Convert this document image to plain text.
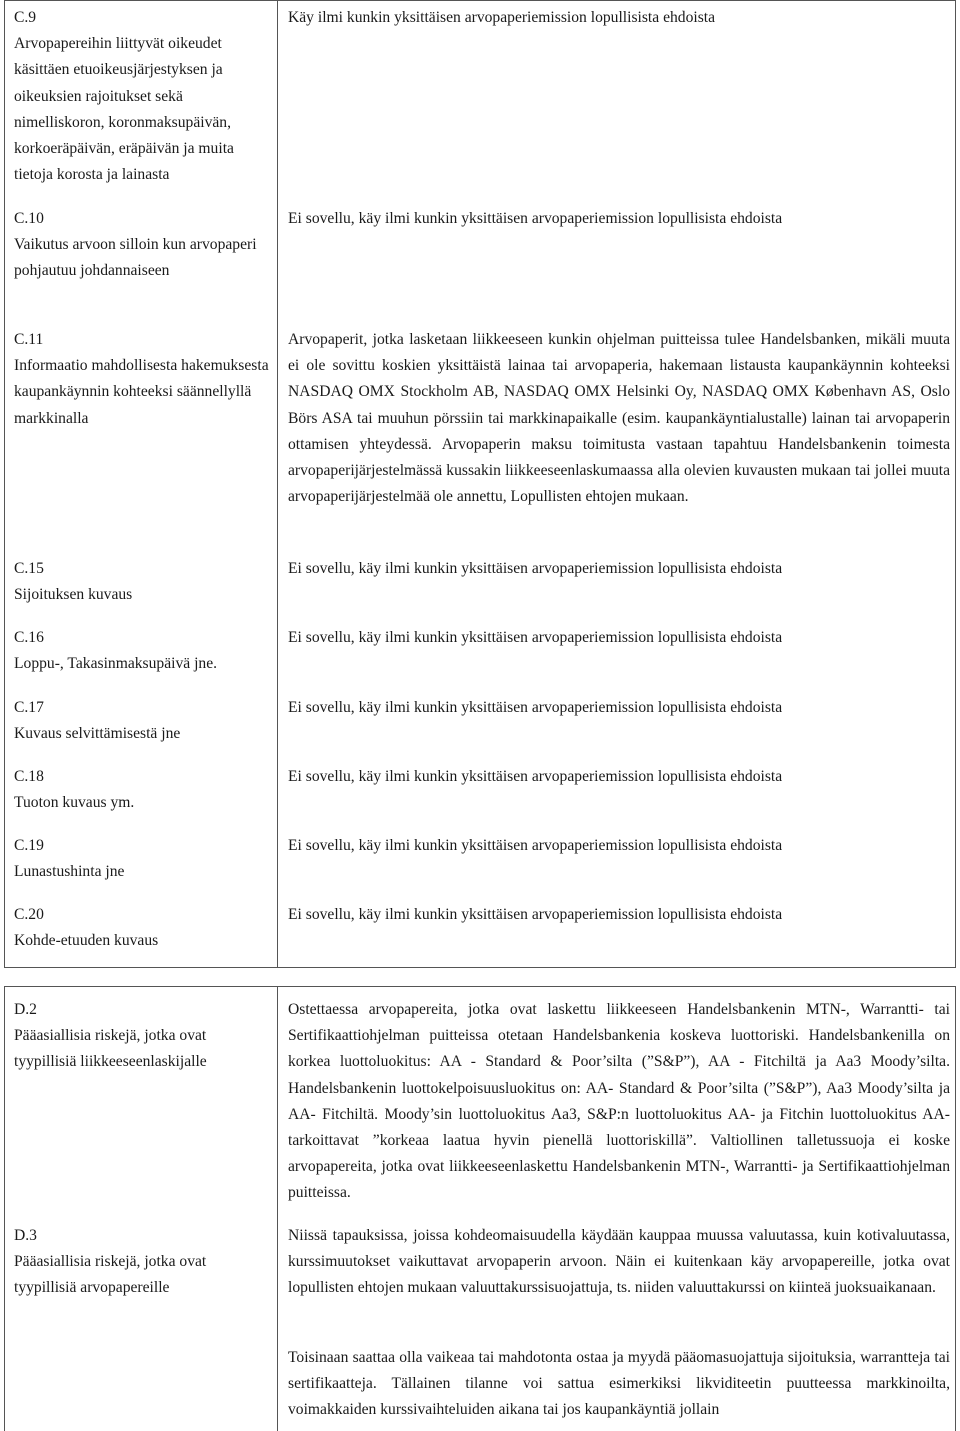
C.9
Arvopapereihin liittyvät oikeudet käsittäen etuoikeusjärjestyksen ja oikeuksien rajoitukset sekä nimelliskoron, koronmaksupäivän, korkoeräpäivän, eräpäivän ja muita tietoja korosta ja lainasta
Käy ilmi kunkin yksittäisen arvopaperiemission lopullisista ehdoista
C.10
Vaikutus arvoon silloin kun arvopaperi pohjautuu johdannaiseen
Ei sovellu, käy ilmi kunkin yksittäisen arvopaperiemission lopullisista ehdoista
C.11
Informaatio mahdollisesta hakemuksesta kaupankäynnin kohteeksi säännellyllä markkinalla
Arvopaperit, jotka lasketaan liikkeeseen kunkin ohjelman puitteissa tulee Handelsbanken, mikäli muuta ei ole sovittu koskien yksittäistä lainaa tai arvopaperia, hakemaan listausta kaupankäynnin kohteeksi NASDAQ OMX Stockholm AB, NASDAQ OMX Helsinki Oy, NASDAQ OMX København AS, Oslo Börs ASA tai muuhun pörssiin tai markkinapaikalle (esim. kaupankäyntialustalle) lainan tai arvopaperin ottamisen yhteydessä. Arvopaperin maksu toimitusta vastaan tapahtuu Handelsbankenin toimesta arvopaperijärjestelmässä kussakin liikkeeseenlaskumaassa alla olevien kuvausten mukaan tai jollei muuta arvopaperijärjestelmää ole annettu, Lopullisten ehtojen mukaan.
C.15
Sijoituksen kuvaus
Ei sovellu, käy ilmi kunkin yksittäisen arvopaperiemission lopullisista ehdoista
C.16
Loppu-, Takasinmaksupäivä jne.
Ei sovellu, käy ilmi kunkin yksittäisen arvopaperiemission lopullisista ehdoista
C.17
Kuvaus selvittämisestä jne
Ei sovellu, käy ilmi kunkin yksittäisen arvopaperiemission lopullisista ehdoista
C.18
Tuoton kuvaus ym.
Ei sovellu, käy ilmi kunkin yksittäisen arvopaperiemission lopullisista ehdoista
C.19
Lunastushinta jne
Ei sovellu, käy ilmi kunkin yksittäisen arvopaperiemission lopullisista ehdoista
C.20
Kohde-etuuden kuvaus
Ei sovellu, käy ilmi kunkin yksittäisen arvopaperiemission lopullisista ehdoista
D.2
Pääasiallisia riskejä, jotka ovat tyypillisiä liikkeeseenlaskijalle
Ostettaessa arvopapereita, jotka ovat laskettu liikkeeseen Handelsbankenin MTN-, Warrantti- tai Sertifikaattiohjelman puitteissa otetaan Handelsbankenia koskeva luottoriski. Handelsbankenilla on korkea luottoluokitus: AA - Standard & Poor’silta (”S&P”), AA - Fitchiltä ja Aa3 Moody’silta. Handelsbankenin luottokelpoisuusluokitus on: AA- Standard & Poor’silta (”S&P”), Aa3 Moody’silta ja AA- Fitchiltä. Moody’sin luottoluokitus Aa3, S&P:n luottoluokitus AA- ja Fitchin luottoluokitus AA- tarkoittavat ”korkeaa laatua hyvin pienellä luottoriskillä”. Valtiollinen talletussuoja ei koske arvopapereita, jotka ovat liikkeeseenlaskettu Handelsbankenin MTN-, Warrantti- ja Sertifikaattiohjelman puitteissa.
D.3
Pääasiallisia riskejä, jotka ovat tyypillisiä arvopapereille
Niissä tapauksissa, joissa kohdeomaisuudella käydään kauppaa muussa valuutassa, kuin kotivaluutassa, kurssimuutokset vaikuttavat arvopaperin arvoon. Näin ei kuitenkaan käy arvopapereille, jotka ovat lopullisten ehtojen mukaan valuuttakurssisuojattuja, ts. niiden valuuttakurssi on kiinteä juoksuaikanaan.
Toisinaan saattaa olla vaikeaa tai mahdotonta ostaa ja myydä pääomasuojattuja sijoituksia, warrantteja tai sertifikaatteja. Tällainen tilanne voi sattua esimerkiksi likviditeetin puutteessa markkinoilta, voimakkaiden kurssivaihteluiden aikana tai jos kaupankäyntiä jollain
